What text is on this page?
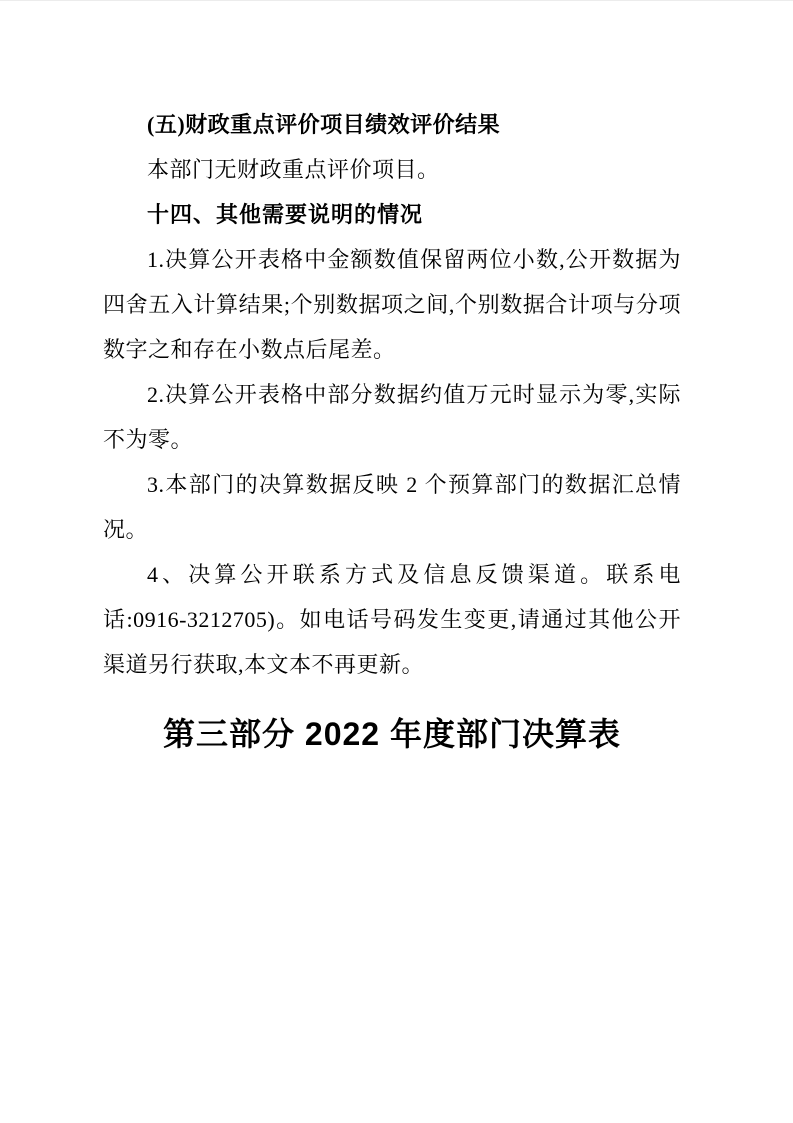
(五)财政重点评价项目绩效评价结果

本部门无财政重点评价项目。

十四、其他需要说明的情况

1.决算公开表格中金额数值保留两位小数,公开数据为四舍五入计算结果;个别数据项之间,个别数据合计项与分项数字之和存在小数点后尾差。

2.决算公开表格中部分数据约值万元时显示为零,实际不为零。

3.本部门的决算数据反映 2 个预算部门的数据汇总情况。

4、决算公开联系方式及信息反馈渠道。联系电话:0916-3212705)。如电话号码发生变更,请通过其他公开渠道另行获取,本文本不再更新。

第三部分 2022 年度部门决算表
